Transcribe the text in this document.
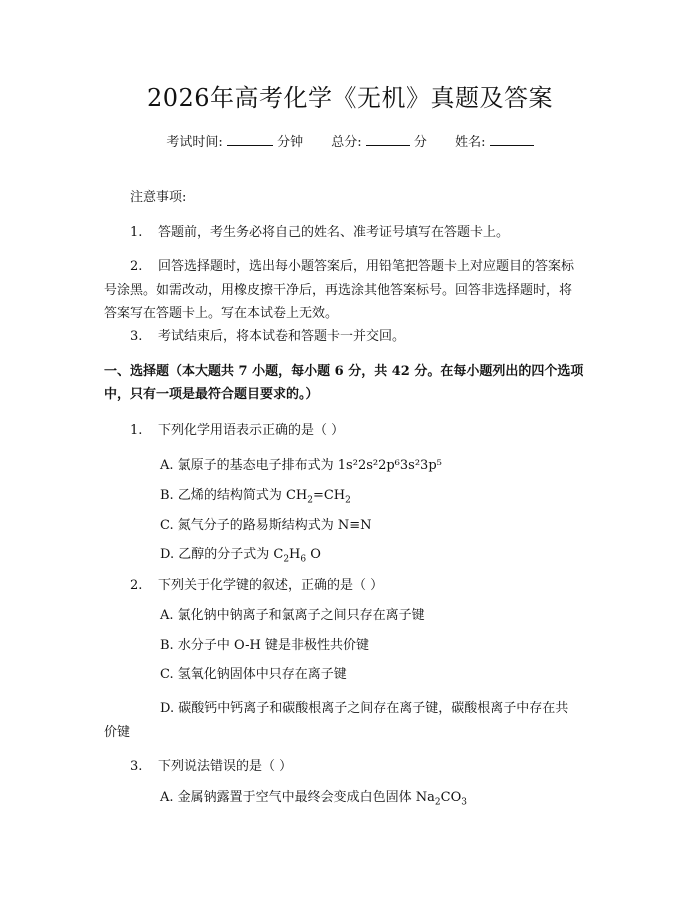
2026年高考化学《无机》真题及答案
考试时间:	分钟 总分:	分 姓名:
注意事项:
1. 答题前，考生务必将自己的姓名、准考证号填写在答题卡上。
2. 回答选择题时，选出每小题答案后，用铅笔把答题卡上对应题目的答案标
号涂黑。如需改动，用橡皮擦干净后，再选涂其他答案标号。回答非选择题时，将
答案写在答题卡上。写在本试卷上无效。
3. 考试结束后，将本试卷和答题卡一并交回。
一、选择题（本大题共 7 小题，每小题 6 分，共 42 分。在每小题列出的四个选项
中，只有一项是最符合题目要求的。）
1. 下列化学用语表示正确的是（ ）
A. 氯原子的基态电子排布式为 1s²2s²2p⁶3s²3p⁵
B. 乙烯的结构简式为 $CH_2=CH_2$
C. 氮气分子的路易斯结构式为 N≡N
D. 乙醇的分子式为 $C_2H_6$ O
2. 下列关于化学键的叙述，正确的是（ ）
A. 氯化钠中钠离子和氯离子之间只存在离子键
B. 水分子中 O-H 键是非极性共价键
C. 氢氧化钠固体中只存在离子键
D. 碳酸钙中钙离子和碳酸根离子之间存在离子键，碳酸根离子中存在共
价键
3. 下列说法错误的是（ ）
A. 金属钠露置于空气中最终会变成白色固体 $Na_2CO_3$
